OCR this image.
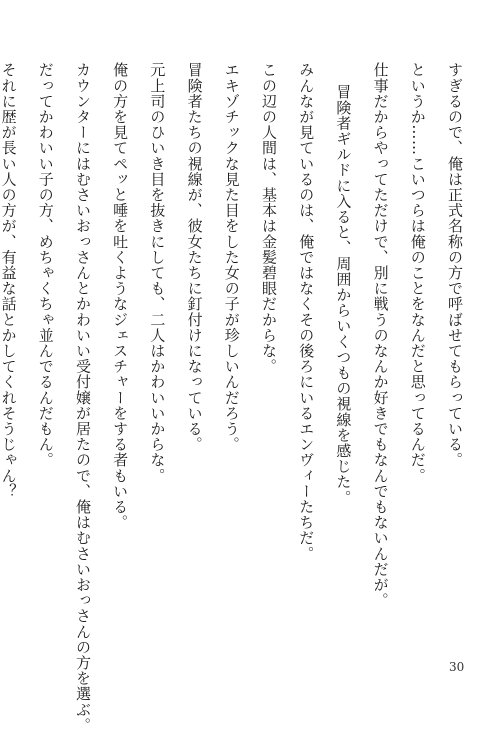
すぎるので、俺は正式名称の方で呼ばせてもらっている。
というか……こいつらは俺のことをなんだと思ってるんだ。
仕事だからやってただけで、別に戦うのなんか好きでもなんでもないんだが。
冒険者ギルドに入ると、周囲からいくつもの視線を感じた。
みんなが見ているのは、俺ではなくその後ろにいるエンヴィーたちだ。
この辺の人間は、基本は金髪碧眼だからな。
エキゾチックな見た目をした女の子が珍しいんだろう。
冒険者たちの視線が、彼女たちに釘付けになっている。
元上司のひいき目を抜きにしても、二人はかわいいからな。
俺の方を見てペッと唾を吐くようなジェスチャーをする者もいる。
カウンターにはむさいおっさんとかわいい受付嬢が居たので、俺はむさいおっさんの方を選ぶ。
だってかわいい子の方、めちゃくちゃ並んでるんだもん。
それに歴が長い人の方が、有益な話とかしてくれそうじゃん？
30
